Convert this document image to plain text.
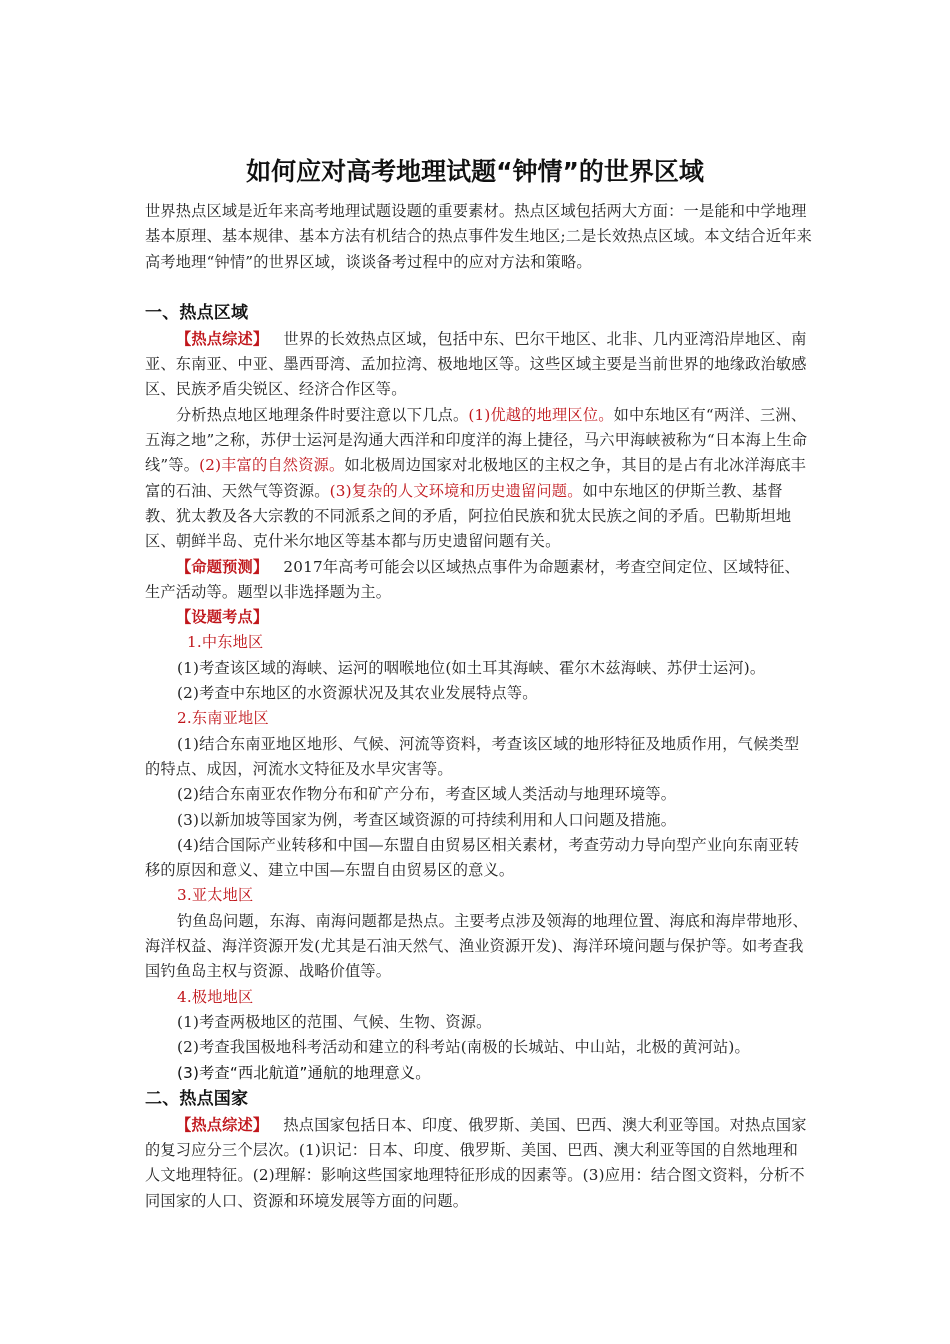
如何应对高考地理试题“钟情”的世界区域

世界热点区域是近年来高考地理试题设题的重要素材。热点区域包括两大方面：一是能和中学地理基本原理、基本规律、基本方法有机结合的热点事件发生地区;二是长效热点区域。本文结合近年来高考地理“钟情”的世界区域，谈谈备考过程中的应对方法和策略。

一、热点区域

【热点综述】 世界的长效热点区域，包括中东、巴尔干地区、北非、几内亚湾沿岸地区、南亚、东南亚、中亚、墨西哥湾、孟加拉湾、极地地区等。这些区域主要是当前世界的地缘政治敏感区、民族矛盾尖锐区、经济合作区等。

分析热点地区地理条件时要注意以下几点。(1)优越的地理区位。如中东地区有“两洋、三洲、五海之地”之称，苏伊士运河是沟通大西洋和印度洋的海上捷径，马六甲海峡被称为“日本海上生命线”等。(2)丰富的自然资源。如北极周边国家对北极地区的主权之争，其目的是占有北冰洋海底丰富的石油、天然气等资源。(3)复杂的人文环境和历史遗留问题。如中东地区的伊斯兰教、基督教、犹太教及各大宗教的不同派系之间的矛盾，阿拉伯民族和犹太民族之间的矛盾。巴勒斯坦地区、朝鲜半岛、克什米尔地区等基本都与历史遗留问题有关。

【命题预测】 2017年高考可能会以区域热点事件为命题素材，考查空间定位、区域特征、生产活动等。题型以非选择题为主。

【设题考点】

1.中东地区

(1)考查该区域的海峡、运河的咽喉地位(如土耳其海峡、霍尔木兹海峡、苏伊士运河)。

(2)考查中东地区的水资源状况及其农业发展特点等。

2.东南亚地区

(1)结合东南亚地区地形、气候、河流等资料，考查该区域的地形特征及地质作用，气候类型的特点、成因，河流水文特征及水旱灾害等。

(2)结合东南亚农作物分布和矿产分布，考查区域人类活动与地理环境等。

(3)以新加坡等国家为例，考查区域资源的可持续利用和人口问题及措施。

(4)结合国际产业转移和中国—东盟自由贸易区相关素材，考查劳动力导向型产业向东南亚转移的原因和意义、建立中国—东盟自由贸易区的意义。

3.亚太地区

钓鱼岛问题，东海、南海问题都是热点。主要考点涉及领海的地理位置、海底和海岸带地形、海洋权益、海洋资源开发(尤其是石油天然气、渔业资源开发)、海洋环境问题与保护等。如考查我国钓鱼岛主权与资源、战略价值等。

4.极地地区

(1)考查两极地区的范围、气候、生物、资源。

(2)考查我国极地科考活动和建立的科考站(南极的长城站、中山站，北极的黄河站)。

(3)考查“西北航道”通航的地理意义。

二、热点国家

【热点综述】 热点国家包括日本、印度、俄罗斯、美国、巴西、澳大利亚等国。对热点国家的复习应分三个层次。(1)识记：日本、印度、俄罗斯、美国、巴西、澳大利亚等国的自然地理和人文地理特征。(2)理解：影响这些国家地理特征形成的因素等。(3)应用：结合图文资料，分析不同国家的人口、资源和环境发展等方面的问题。
